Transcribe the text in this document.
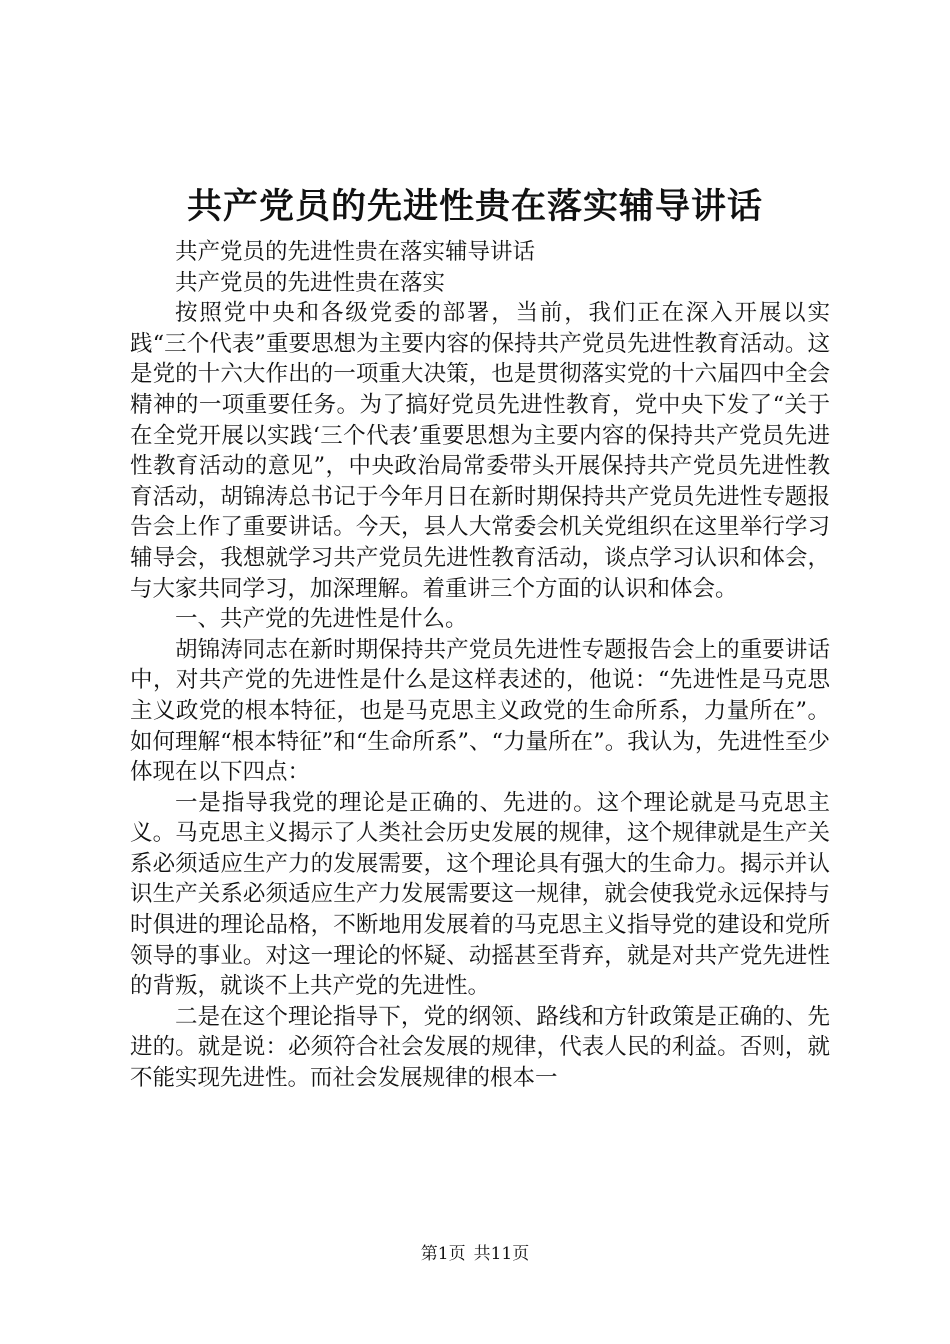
共产党员的先进性贵在落实辅导讲话

共产党员的先进性贵在落实辅导讲话

共产党员的先进性贵在落实

按照党中央和各级党委的部署，当前，我们正在深入开展以实践“三个代表”重要思想为主要内容的保持共产党员先进性教育活动。这是党的十六大作出的一项重大决策，也是贯彻落实党的十六届四中全会精神的一项重要任务。为了搞好党员先进性教育，党中央下发了“关于在全党开展以实践‘三个代表’重要思想为主要内容的保持共产党员先进性教育活动的意见”，中央政治局常委带头开展保持共产党员先进性教育活动，胡锦涛总书记于今年月日在新时期保持共产党员先进性专题报告会上作了重要讲话。今天，县人大常委会机关党组织在这里举行学习辅导会，我想就学习共产党员先进性教育活动，谈点学习认识和体会，与大家共同学习，加深理解。着重讲三个方面的认识和体会。

一、共产党的先进性是什么。

胡锦涛同志在新时期保持共产党员先进性专题报告会上的重要讲话中，对共产党的先进性是什么是这样表述的，他说：“先进性是马克思主义政党的根本特征，也是马克思主义政党的生命所系，力量所在”。如何理解“根本特征”和“生命所系”、“力量所在”。我认为，先进性至少体现在以下四点：

一是指导我党的理论是正确的、先进的。这个理论就是马克思主义。马克思主义揭示了人类社会历史发展的规律，这个规律就是生产关系必须适应生产力的发展需要，这个理论具有强大的生命力。揭示并认识生产关系必须适应生产力发展需要这一规律，就会使我党永远保持与时俱进的理论品格，不断地用发展着的马克思主义指导党的建设和党所领导的事业。对这一理论的怀疑、动摇甚至背弃，就是对共产党先进性的背叛，就谈不上共产党的先进性。

二是在这个理论指导下，党的纲领、路线和方针政策是正确的、先进的。就是说：必须符合社会发展的规律，代表人民的利益。否则，就不能实现先进性。而社会发展规律的根本一

第1页 共11页
